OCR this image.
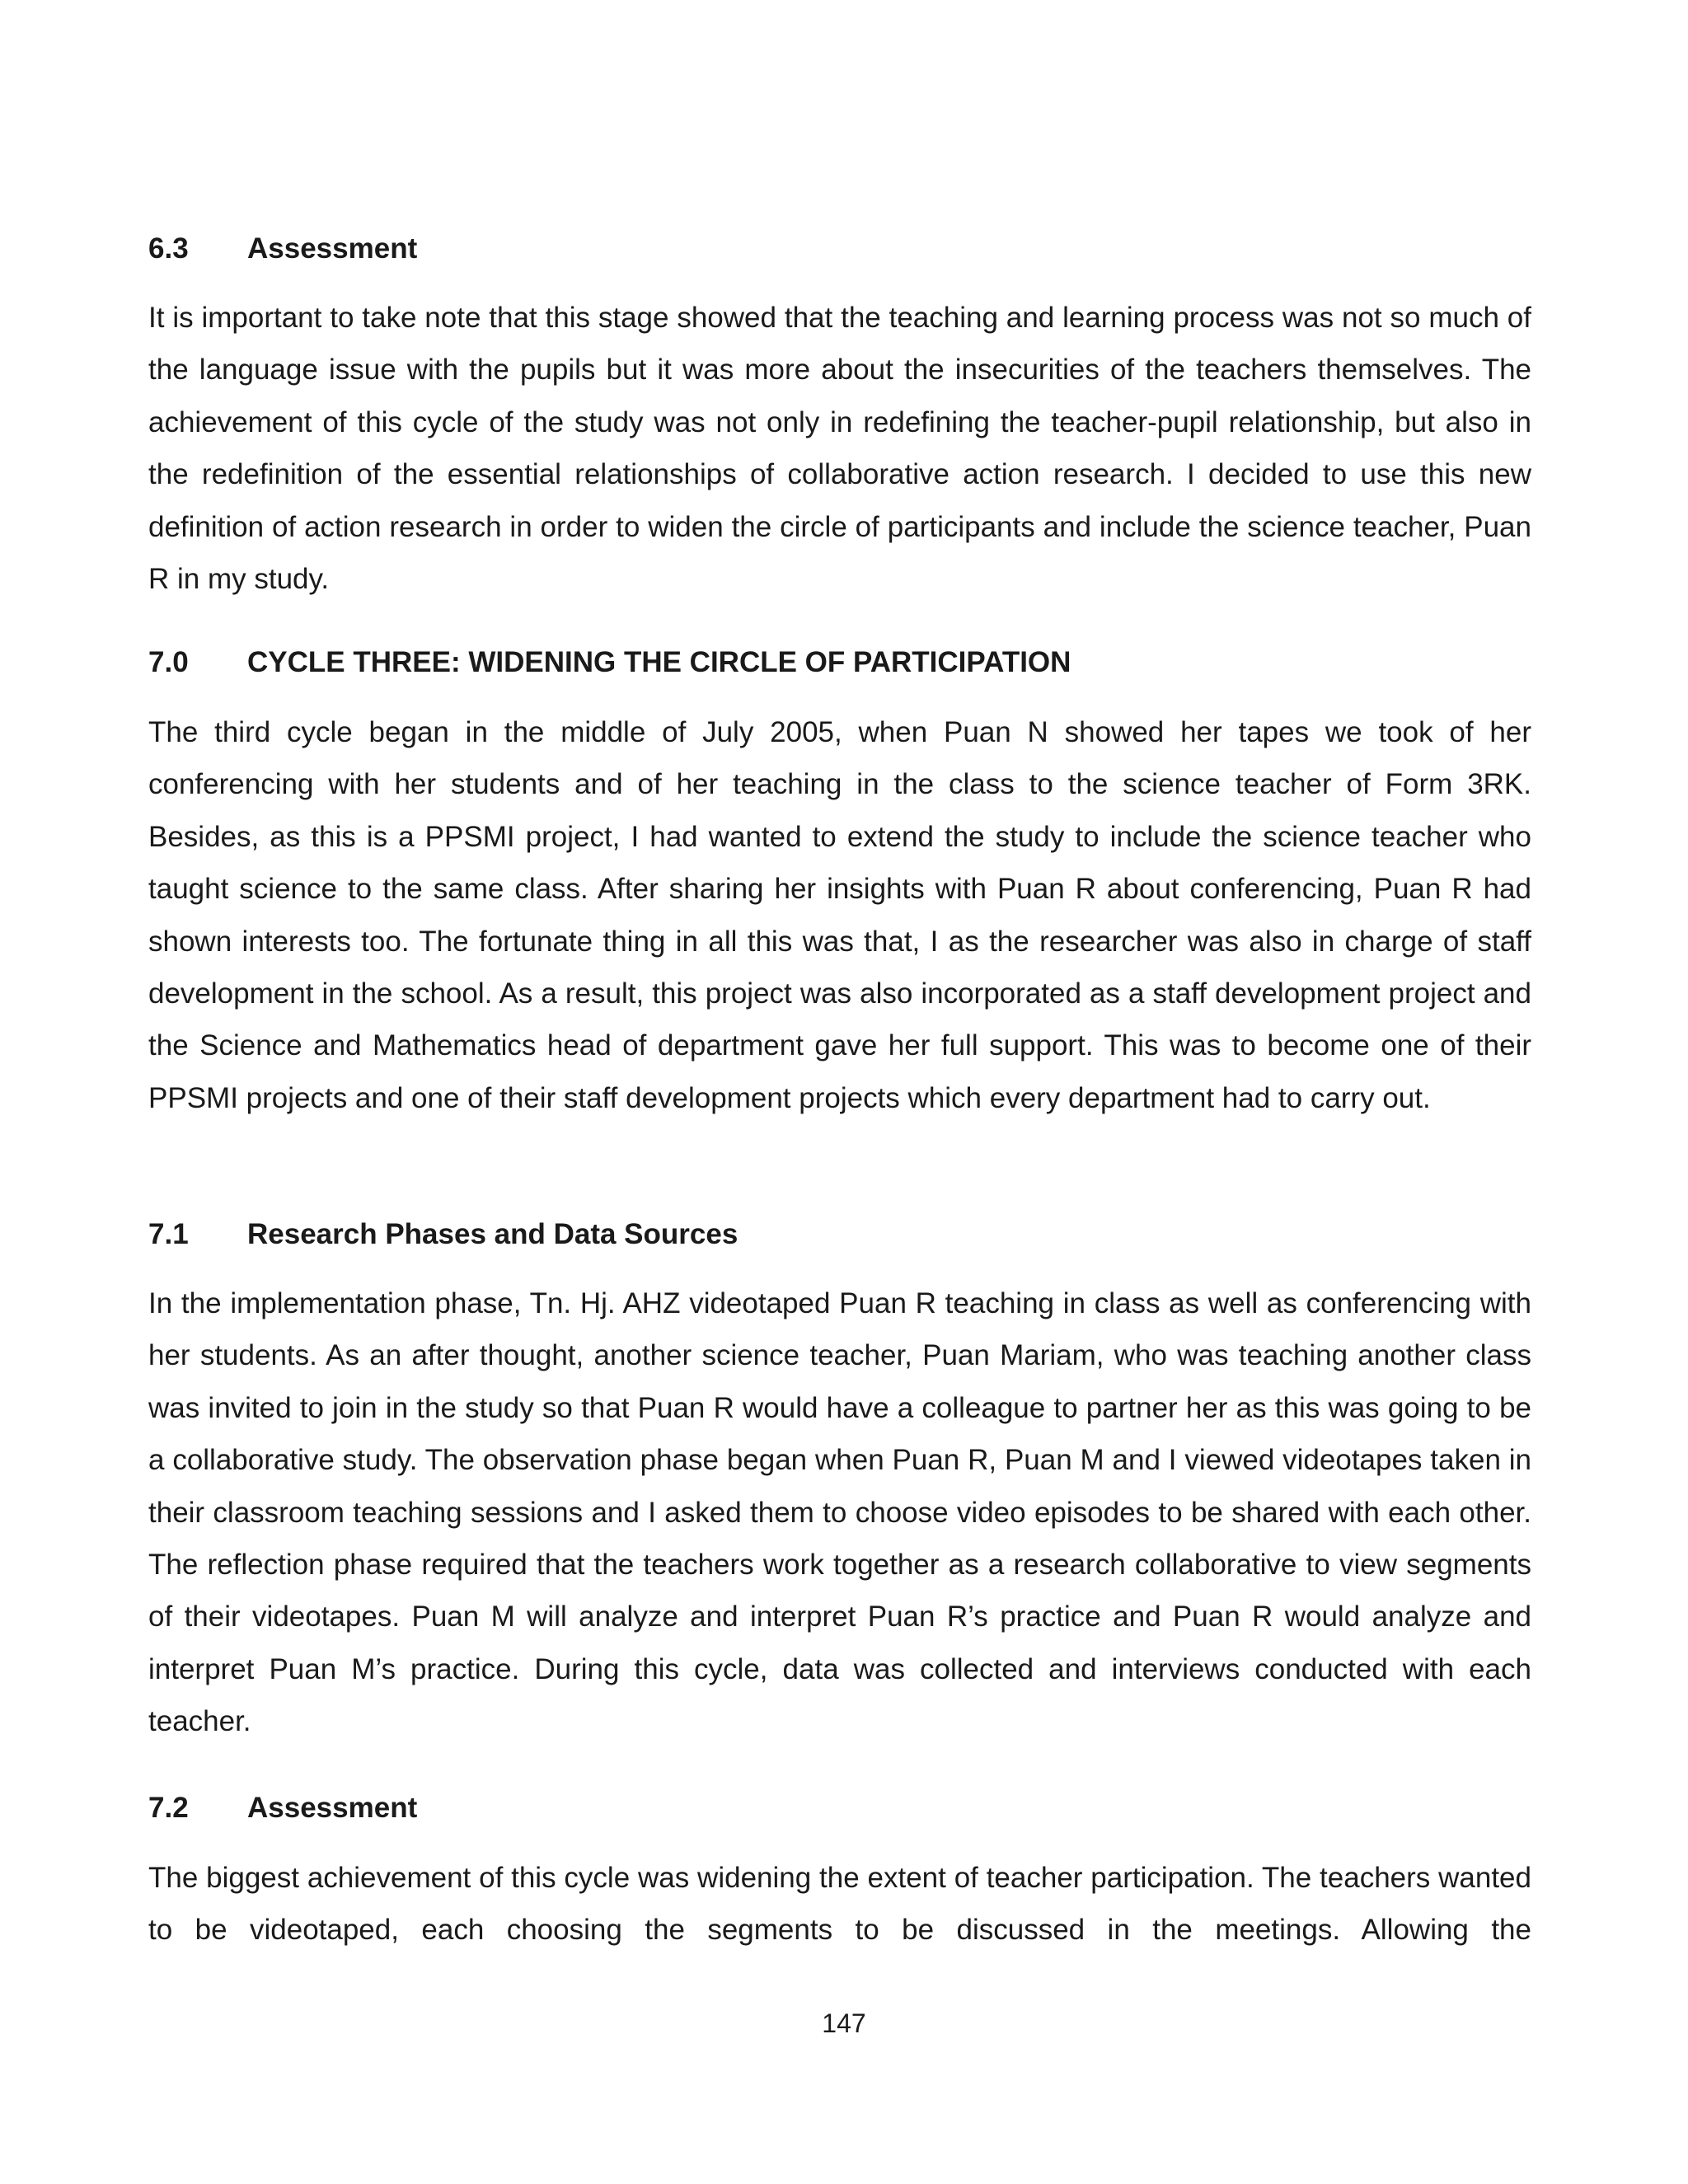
6.3 Assessment

It is important to take note that this stage showed that the teaching and learning process was not so much of the language issue with the pupils but it was more about the insecurities of the teachers themselves. The achievement of this cycle of the study was not only in redefining the teacher-pupil relationship, but also in the redefinition of the essential relationships of collaborative action research. I decided to use this new definition of action research in order to widen the circle of participants and include the science teacher, Puan R in my study.

7.0 CYCLE THREE: WIDENING THE CIRCLE OF PARTICIPATION

The third cycle began in the middle of July 2005, when Puan N showed her tapes we took of her conferencing with her students and of her teaching in the class to the science teacher of Form 3RK. Besides, as this is a PPSMI project, I had wanted to extend the study to include the science teacher who taught science to the same class. After sharing her insights with Puan R about conferencing, Puan R had shown interests too. The fortunate thing in all this was that, I as the researcher was also in charge of staff development in the school. As a result, this project was also incorporated as a staff development project and the Science and Mathematics head of department gave her full support. This was to become one of their PPSMI projects and one of their staff development projects which every department had to carry out.

7.1 Research Phases and Data Sources

In the implementation phase, Tn. Hj. AHZ videotaped Puan R teaching in class as well as conferencing with her students. As an after thought, another science teacher, Puan Mariam, who was teaching another class was invited to join in the study so that Puan R would have a colleague to partner her as this was going to be a collaborative study. The observation phase began when Puan R, Puan M and I viewed videotapes taken in their classroom teaching sessions and I asked them to choose video episodes to be shared with each other. The reflection phase required that the teachers work together as a research collaborative to view segments of their videotapes. Puan M will analyze and interpret Puan R’s practice and Puan R would analyze and interpret Puan M’s practice. During this cycle, data was collected and interviews conducted with each teacher.

7.2 Assessment

The biggest achievement of this cycle was widening the extent of teacher participation. The teachers wanted to be videotaped, each choosing the segments to be discussed in the meetings. Allowing the

147
